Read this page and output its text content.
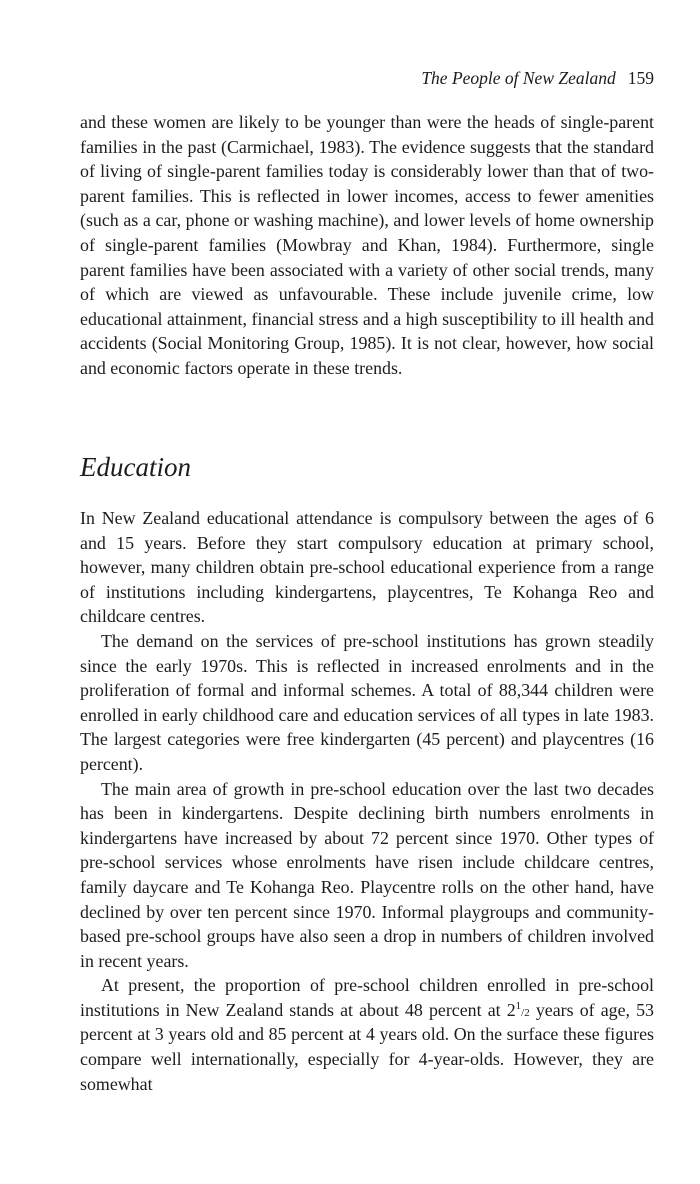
The People of New Zealand 159

and these women are likely to be younger than were the heads of single-parent families in the past (Carmichael, 1983). The evidence suggests that the standard of living of single-parent families today is considerably lower than that of two-parent families. This is reflected in lower incomes, access to fewer amenities (such as a car, phone or washing machine), and lower levels of home ownership of single-parent families (Mowbray and Khan, 1984). Furthermore, single parent families have been associated with a variety of other social trends, many of which are viewed as unfavourable. These include juvenile crime, low educational attainment, financial stress and a high susceptibility to ill health and accidents (Social Monitoring Group, 1985). It is not clear, however, how social and economic factors operate in these trends.

Education

In New Zealand educational attendance is compulsory between the ages of 6 and 15 years. Before they start compulsory education at primary school, however, many children obtain pre-school educational experience from a range of institutions including kindergartens, playcentres, Te Kohanga Reo and childcare centres.

The demand on the services of pre-school institutions has grown steadily since the early 1970s. This is reflected in increased enrolments and in the proliferation of formal and informal schemes. A total of 88,344 children were enrolled in early childhood care and education services of all types in late 1983. The largest categories were free kindergarten (45 percent) and playcentres (16 percent).

The main area of growth in pre-school education over the last two decades has been in kindergartens. Despite declining birth numbers enrolments in kindergartens have increased by about 72 percent since 1970. Other types of pre-school services whose enrolments have risen include childcare centres, family daycare and Te Kohanga Reo. Playcentre rolls on the other hand, have declined by over ten percent since 1970. Informal playgroups and community-based pre-school groups have also seen a drop in numbers of children involved in recent years.

At present, the proportion of pre-school children enrolled in pre-school institutions in New Zealand stands at about 48 percent at $2^1/2$ years of age, 53 percent at 3 years old and 85 percent at 4 years old. On the surface these figures compare well internationally, especially for 4-year-olds. However, they are somewhat
